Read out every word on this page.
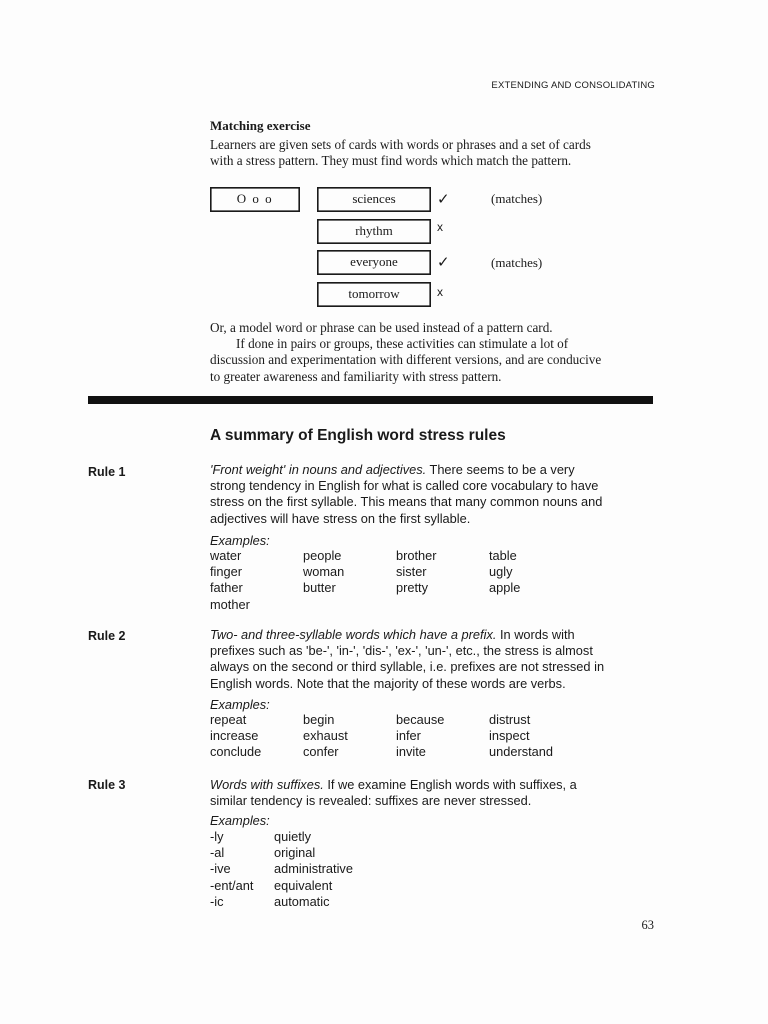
EXTENDING AND CONSOLIDATING
Matching exercise

Learners are given sets of cards with words or phrases and a set of cards
with a stress pattern. They must find words which match the pattern.

O o o	sciences	✓	(matches)
rhythm	x
everyone	✓	(matches)
tomorrow	x

Or, a model word or phrase can be used instead of a pattern card.
If done in pairs or groups, these activities can stimulate a lot of
discussion and experimentation with different versions, and are conducive
to greater awareness and familiarity with stress pattern.

A summary of English word stress rules
Rule 1	'Front weight' in nouns and adjectives. There seems to be a very
strong tendency in English for what is called core vocabulary to have
stress on the first syllable. This means that many common nouns and
adjectives will have stress on the first syllable.

Examples:
water	people	brother	table
finger	woman	sister	ugly
father	butter	pretty	apple
mother
Rule 2	Two- and three-syllable words which have a prefix. In words with
prefixes such as 'be-', 'in-', 'dis-', 'ex-', 'un-', etc., the stress is almost
always on the second or third syllable, i.e. prefixes are not stressed in
English words. Note that the majority of these words are verbs.

Examples:
repeat	begin	because	distrust
increase	exhaust	infer	inspect
conclude	confer	invite	understand
Rule 3	Words with suffixes. If we examine English words with suffixes, a
similar tendency is revealed: suffixes are never stressed.

Examples:
-ly	quietly
-al	original
-ive	administrative
-ent/ant	equivalent
-ic	automatic
63
